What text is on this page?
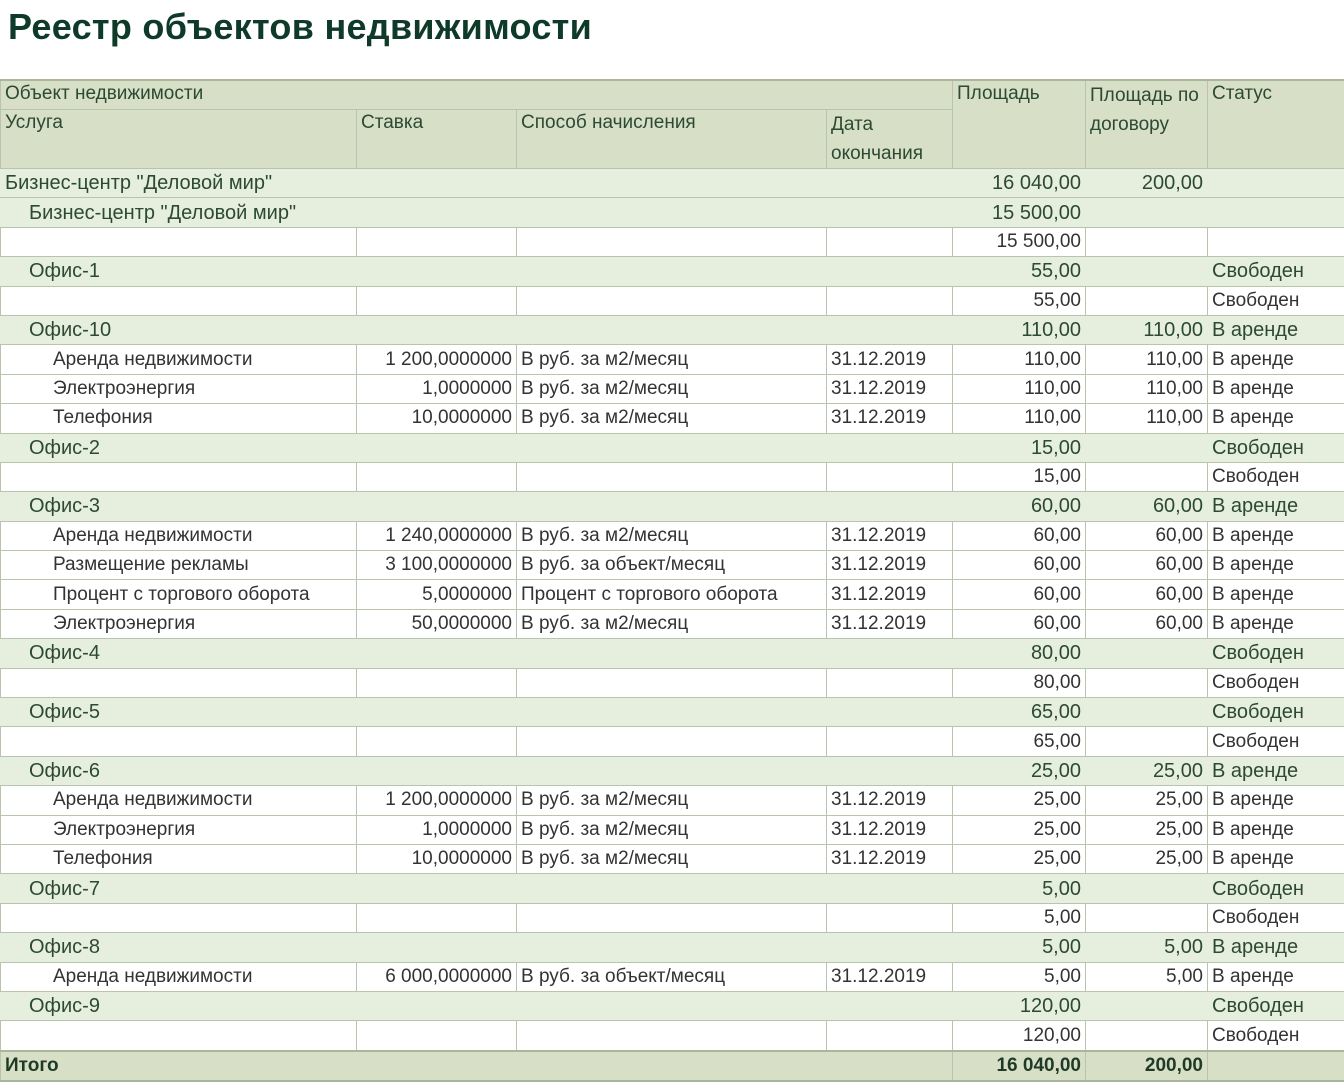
Реестр объектов недвижимости
Объект недвижимости				Площадь	Площадь по договору	Статус
Услуга	Ставка	Способ начисления	Дата окончания			
Бизнес-центр "Деловой мир"				16 040,00	200,00	
Бизнес-центр "Деловой мир"				15 500,00		
				15 500,00		
Офис-1				55,00		Свободен
				55,00		Свободен
Офис-10				110,00	110,00	В аренде
Аренда недвижимости	1 200,0000000	В руб. за м2/месяц	31.12.2019	110,00	110,00	В аренде
Электроэнергия	1,0000000	В руб. за м2/месяц	31.12.2019	110,00	110,00	В аренде
Телефония	10,0000000	В руб. за м2/месяц	31.12.2019	110,00	110,00	В аренде
Офис-2				15,00		Свободен
				15,00		Свободен
Офис-3				60,00	60,00	В аренде
Аренда недвижимости	1 240,0000000	В руб. за м2/месяц	31.12.2019	60,00	60,00	В аренде
Размещение рекламы	3 100,0000000	В руб. за объект/месяц	31.12.2019	60,00	60,00	В аренде
Процент с торгового оборота	5,0000000	Процент с торгового оборота	31.12.2019	60,00	60,00	В аренде
Электроэнергия	50,0000000	В руб. за м2/месяц	31.12.2019	60,00	60,00	В аренде
Офис-4				80,00		Свободен
				80,00		Свободен
Офис-5				65,00		Свободен
				65,00		Свободен
Офис-6				25,00	25,00	В аренде
Аренда недвижимости	1 200,0000000	В руб. за м2/месяц	31.12.2019	25,00	25,00	В аренде
Электроэнергия	1,0000000	В руб. за м2/месяц	31.12.2019	25,00	25,00	В аренде
Телефония	10,0000000	В руб. за м2/месяц	31.12.2019	25,00	25,00	В аренде
Офис-7				5,00		Свободен
				5,00		Свободен
Офис-8				5,00	5,00	В аренде
Аренда недвижимости	6 000,0000000	В руб. за объект/месяц	31.12.2019	5,00	5,00	В аренде
Офис-9				120,00		Свободен
				120,00		Свободен
Итого				16 040,00	200,00	
